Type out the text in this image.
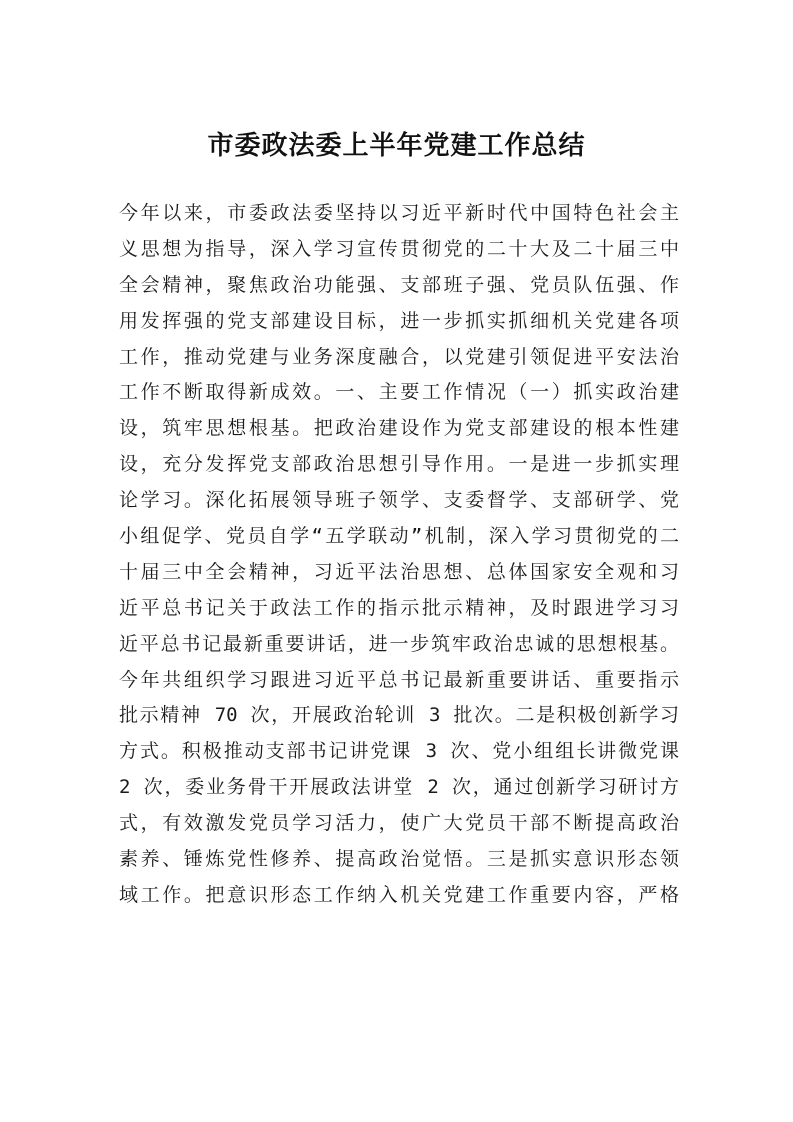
市委政法委上半年党建工作总结
今年以来，市委政法委坚持以习近平新时代中国特色社会主
义思想为指导，深入学习宣传贯彻党的二十大及二十届三中
全会精神，聚焦政治功能强、支部班子强、党员队伍强、作
用发挥强的党支部建设目标，进一步抓实抓细机关党建各项
工作，推动党建与业务深度融合，以党建引领促进平安法治
工作不断取得新成效。一、主要工作情况（一）抓实政治建
设，筑牢思想根基。把政治建设作为党支部建设的根本性建
设，充分发挥党支部政治思想引导作用。一是进一步抓实理
论学习。深化拓展领导班子领学、支委督学、支部研学、党
小组促学、党员自学“五学联动”机制，深入学习贯彻党的二
十届三中全会精神，习近平法治思想、总体国家安全观和习
近平总书记关于政法工作的指示批示精神，及时跟进学习习
近平总书记最新重要讲话，进一步筑牢政治忠诚的思想根基。
今年共组织学习跟进习近平总书记最新重要讲话、重要指示
批示精神 70 次，开展政治轮训 3 批次。二是积极创新学习
方式。积极推动支部书记讲党课 3 次、党小组组长讲微党课
2 次，委业务骨干开展政法讲堂 2 次，通过创新学习研讨方
式，有效激发党员学习活力，使广大党员干部不断提高政治
素养、锤炼党性修养、提高政治觉悟。三是抓实意识形态领
域工作。把意识形态工作纳入机关党建工作重要内容，严格
